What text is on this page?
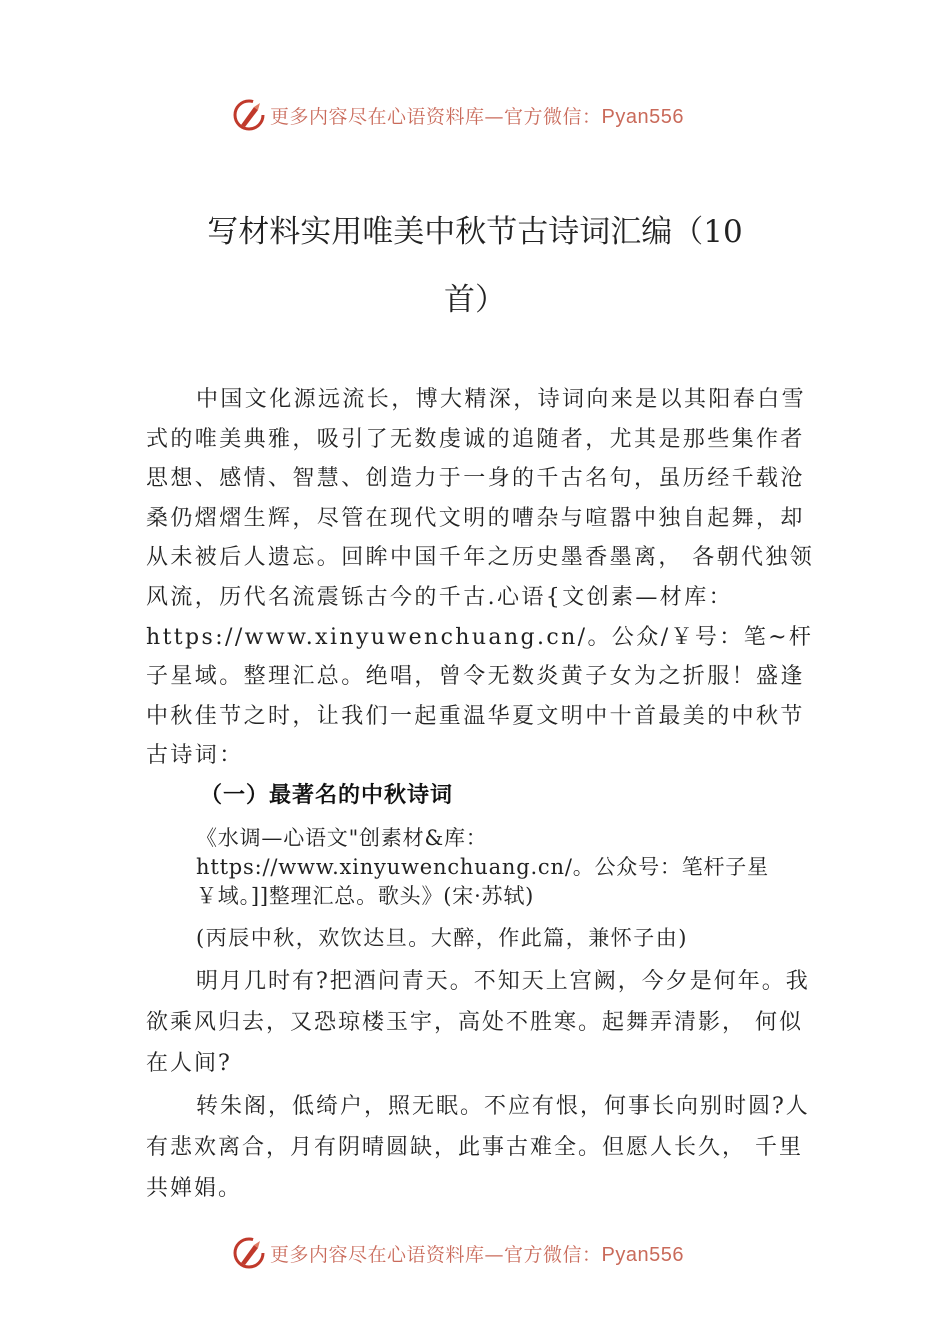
更多内容尽在心语资料库—官方微信：Pyan556
写材料实用唯美中秋节古诗词汇编（10
首）

中国文化源远流长，博大精深，诗词向来是以其阳春白雪式的唯美典雅，吸引了无数虔诚的追随者，尤其是那些集作者思想、感情、智慧、创造力于一身的千古名句，虽历经千载沧桑仍熠熠生辉，尽管在现代文明的嘈杂与喧嚣中独自起舞，却从未被后人遗忘。回眸中国千年之历史墨香墨离， 各朝代独领风流，历代名流震铄古今的千古.心语{文创素—材库：https://www.xinyuwenchuang.cn/。公众/￥号：笔~杆子星域。整理汇总。绝唱，曾令无数炎黄子女为之折服！盛逢中秋佳节之时，让我们一起重温华夏文明中十首最美的中秋节古诗词：

（一）最著名的中秋诗词
《水调—心语文"创素材&库：https://www.xinyuwenchuang.cn/。公众号：笔杆子星￥域。]]整理汇总。歌头》(宋·苏轼)
(丙辰中秋，欢饮达旦。大醉，作此篇，兼怀子由)

明月几时有?把酒问青天。不知天上宫阙，今夕是何年。我欲乘风归去，又恐琼楼玉宇，高处不胜寒。起舞弄清影， 何似在人间?

转朱阁，低绮户，照无眠。不应有恨，何事长向别时圆?人有悲欢离合，月有阴晴圆缺，此事古难全。但愿人长久， 千里共婵娟。

更多内容尽在心语资料库—官方微信：Pyan556
